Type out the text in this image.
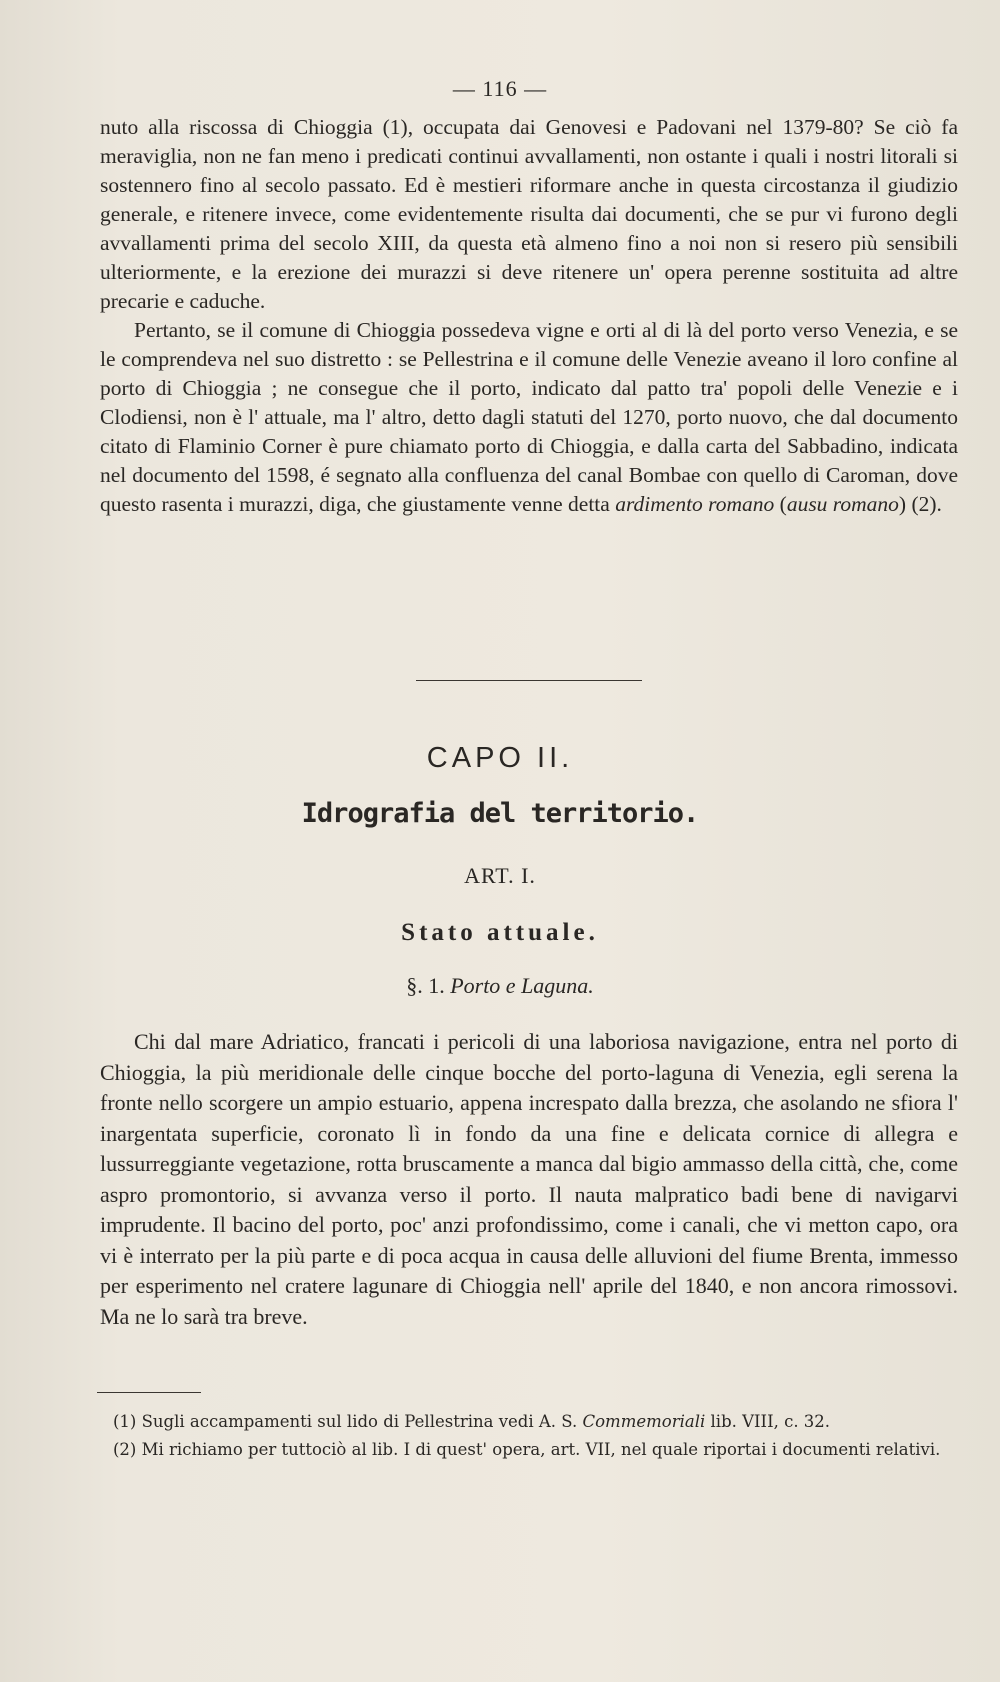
— 116 —

nuto alla riscossa di Chioggia (1), occupata dai Genovesi e Padovani nel 1379-80? Se ciò fa meraviglia, non ne fan meno i predicati continui avvallamenti, non ostante i quali i nostri litorali si sostennero fino al secolo passato. Ed è mestieri riformare anche in questa circostanza il giudizio generale, e ritenere invece, come evidentemente risulta dai documenti, che se pur vi furono degli avvallamenti prima del secolo XIII, da questa età almeno fino a noi non si resero più sensibili ulteriormente, e la erezione dei murazzi si deve ritenere un' opera perenne sostituita ad altre precarie e caduche.

Pertanto, se il comune di Chioggia possedeva vigne e orti al di là del porto verso Venezia, e se le comprendeva nel suo distretto : se Pellestrina e il comune delle Venezie aveano il loro confine al porto di Chioggia ; ne consegue che il porto, indicato dal patto tra' popoli delle Venezie e i Clodiensi, non è l' attuale, ma l' altro, detto dagli statuti del 1270, porto nuovo, che dal documento citato di Flaminio Corner è pure chiamato porto di Chioggia, e dalla carta del Sabbadino, indicata nel documento del 1598, é segnato alla confluenza del canal Bombae con quello di Caroman, dove questo rasenta i murazzi, diga, che giustamente venne detta ardimento romano (ausu romano) (2).

CAPO II.
Idrografia del territorio.
ART. I.
Stato attuale.
§. 1. Porto e Laguna.

Chi dal mare Adriatico, francati i pericoli di una laboriosa navigazione, entra nel porto di Chioggia, la più meridionale delle cinque bocche del porto-laguna di Venezia, egli serena la fronte nello scorgere un ampio estuario, appena increspato dalla brezza, che asolando ne sfiora l' inargentata superficie, coronato lì in fondo da una fine e delicata cornice di allegra e lussurreggiante vegetazione, rotta bruscamente a manca dal bigio ammasso della città, che, come aspro promontorio, si avvanza verso il porto. Il nauta malpratico badi bene di navigarvi imprudente. Il bacino del porto, poc' anzi profondissimo, come i canali, che vi metton capo, ora vi è interrato per la più parte e di poca acqua in causa delle alluvioni del fiume Brenta, immesso per esperimento nel cratere lagunare di Chioggia nell' aprile del 1840, e non ancora rimossovi. Ma ne lo sarà tra breve.

(1) Sugli accampamenti sul lido di Pellestrina vedi A. S. Commemoriali lib. VIII, c. 32.

(2) Mi richiamo per tuttociò al lib. I di quest' opera, art. VII, nel quale riportai i documenti relativi.
